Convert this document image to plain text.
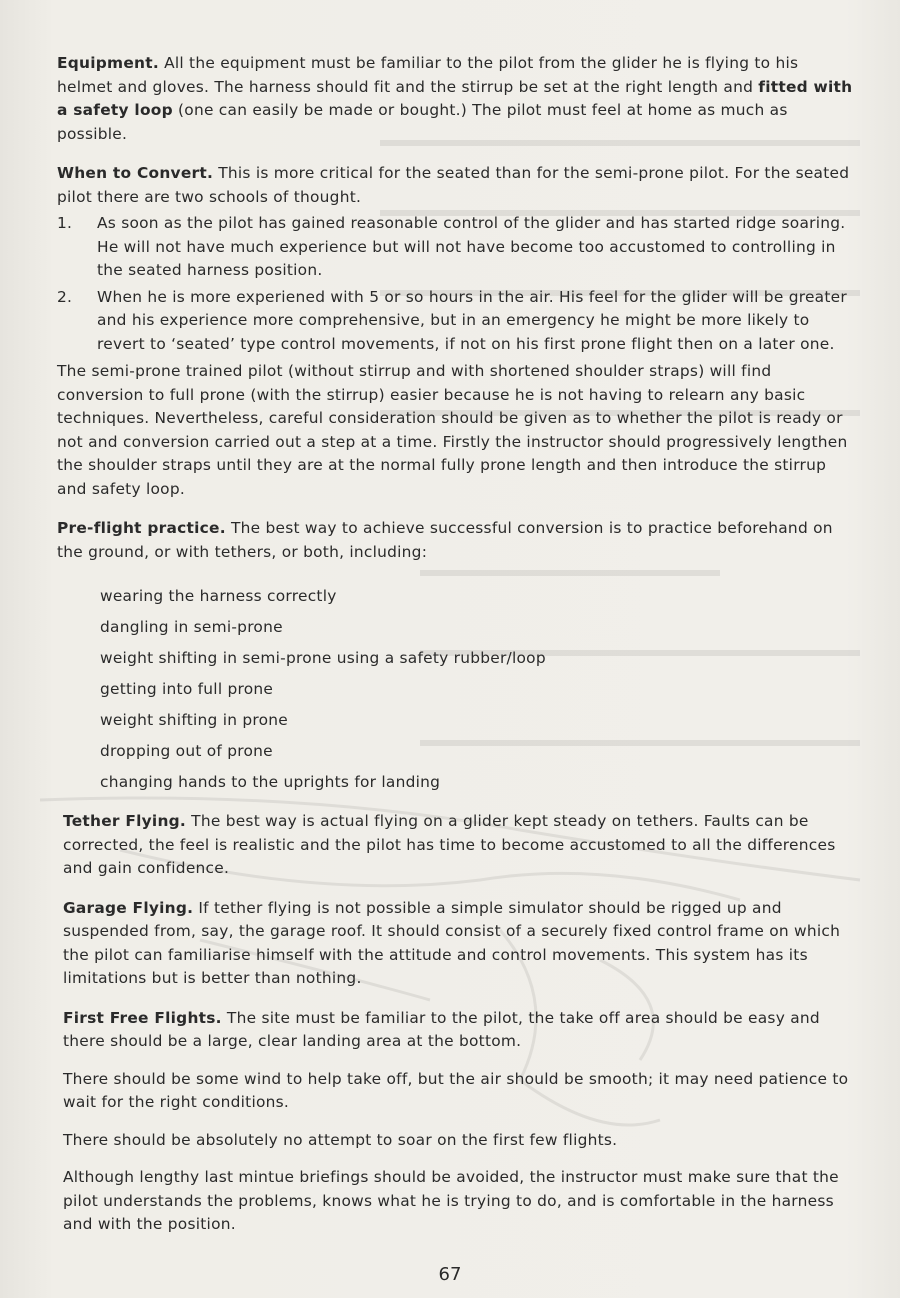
Equipment. All the equipment must be familiar to the pilot from the glider he is flying to his helmet and gloves. The harness should fit and the stirrup be set at the right length and fitted with a safety loop (one can easily be made or bought.) The pilot must feel at home as much as possible.

When to Convert. This is more critical for the seated than for the semi-prone pilot. For the seated pilot there are two schools of thought.

1.	As soon as the pilot has gained reasonable control of the glider and has started ridge soaring. He will not have much experience but will not have become too accustomed to controlling in the seated harness position.
2.	When he is more experiened with 5 or so hours in the air. His feel for the glider will be greater and his experience more comprehensive, but in an emergency he might be more likely to revert to ‘seated’ type control movements, if not on his first prone flight then on a later one.

The semi-prone trained pilot (without stirrup and with shortened shoulder straps) will find conversion to full prone (with the stirrup) easier because he is not having to relearn any basic techniques. Nevertheless, careful consideration should be given as to whether the pilot is ready or not and conversion carried out a step at a time. Firstly the instructor should progressively lengthen the shoulder straps until they are at the normal fully prone length and then introduce the stirrup and safety loop.

Pre-flight practice. The best way to achieve successful conversion is to practice beforehand on the ground, or with tethers, or both, including:

wearing the harness correctly
dangling in semi-prone
weight shifting in semi-prone using a safety rubber/loop
getting into full prone
weight shifting in prone
dropping out of prone
changing hands to the uprights for landing

Tether Flying. The best way is actual flying on a glider kept steady on tethers. Faults can be corrected, the feel is realistic and the pilot has time to become accustomed to all the differences and gain confidence.

Garage Flying. If tether flying is not possible a simple simulator should be rigged up and suspended from, say, the garage roof. It should consist of a securely fixed control frame on which the pilot can familiarise himself with the attitude and control movements. This system has its limitations but is better than nothing.

First Free Flights. The site must be familiar to the pilot, the take off area should be easy and there should be a large, clear landing area at the bottom.

There should be some wind to help take off, but the air should be smooth; it may need patience to wait for the right conditions.

There should be absolutely no attempt to soar on the first few flights.

Although lengthy last mintue briefings should be avoided, the instructor must make sure that the pilot understands the problems, knows what he is trying to do, and is comfortable in the harness and with the position.

67
